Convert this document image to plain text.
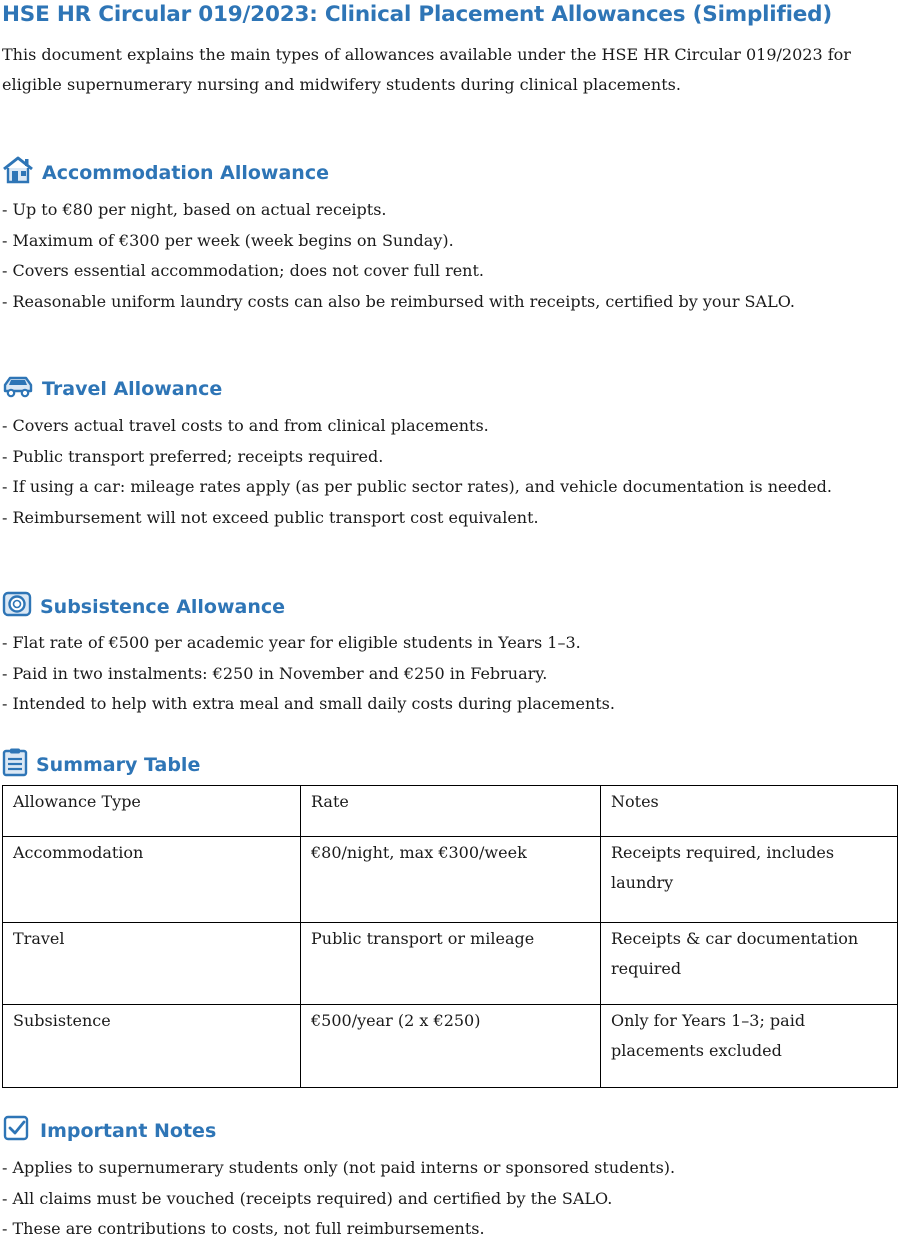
HSE HR Circular 019/2023: Clinical Placement Allowances (Simplified)

This document explains the main types of allowances available under the HSE HR Circular 019/2023 for eligible supernumerary nursing and midwifery students during clinical placements.

Accommodation Allowance
- Up to €80 per night, based on actual receipts.
- Maximum of €300 per week (week begins on Sunday).
- Covers essential accommodation; does not cover full rent.
- Reasonable uniform laundry costs can also be reimbursed with receipts, certified by your SALO.
Travel Allowance
- Covers actual travel costs to and from clinical placements.
- Public transport preferred; receipts required.
- If using a car: mileage rates apply (as per public sector rates), and vehicle documentation is needed.
- Reimbursement will not exceed public transport cost equivalent.
Subsistence Allowance
- Flat rate of €500 per academic year for eligible students in Years 1–3.
- Paid in two instalments: €250 in November and €250 in February.
- Intended to help with extra meal and small daily costs during placements.
Summary Table
Allowance Type	Rate	Notes
Accommodation	€80/night, max €300/week	Receipts required, includes laundry
Travel	Public transport or mileage	Receipts & car documentation required
Subsistence	€500/year (2 x €250)	Only for Years 1–3; paid placements excluded
Important Notes
- Applies to supernumerary students only (not paid interns or sponsored students).
- All claims must be vouched (receipts required) and certified by the SALO.
- These are contributions to costs, not full reimbursements.
